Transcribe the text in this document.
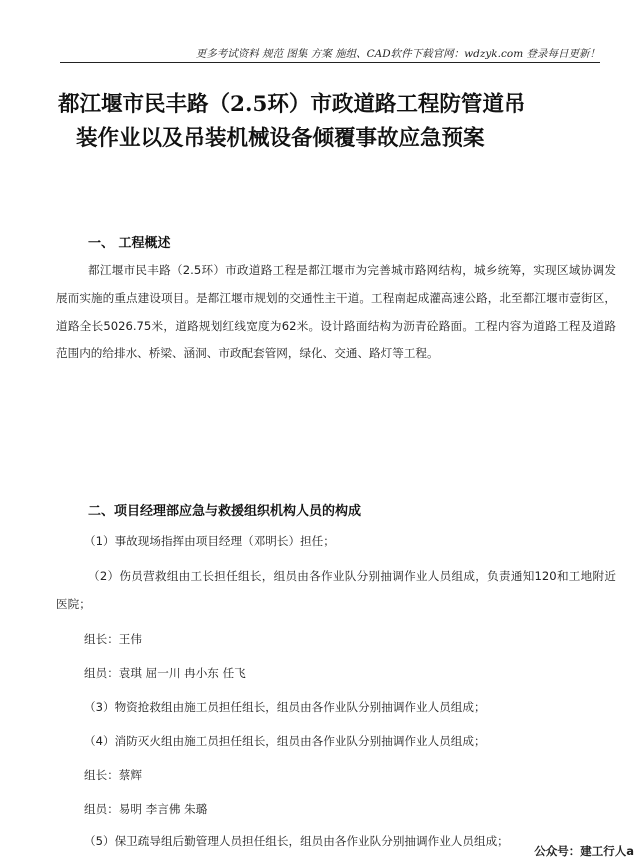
更多考试资料 规范 图集 方案 施组、CAD软件下载官网：wdzyk.com 登录每日更新！
都江堰市民丰路（2.5环）市政道路工程防管道吊
装作业以及吊装机械设备倾覆事故应急预案
一、 工程概述

都江堰市民丰路（2.5环）市政道路工程是都江堰市为完善城市路网结构，城乡统筹，实现区域协调发展而实施的重点建设项目。是都江堰市规划的交通性主干道。工程南起成灌高速公路，北至都江堰市壹街区，道路全长5026.75米，道路规划红线宽度为62米。设计路面结构为沥青砼路面。工程内容为道路工程及道路范围内的给排水、桥梁、涵洞、市政配套管网，绿化、交通、路灯等工程。

二、项目经理部应急与救援组织机构人员的构成

（1）事故现场指挥由项目经理（邓明长）担任；

（2）伤员营救组由工长担任组长，组员由各作业队分别抽调作业人员组成，负责通知120和工地附近医院；

组长：王伟

组员：袁琪 屈一川 冉小东 任飞

（3）物资抢救组由施工员担任组长，组员由各作业队分别抽调作业人员组成；

（4）消防灭火组由施工员担任组长，组员由各作业队分别抽调作业人员组成；

组长：蔡辉

组员：易明 李言佛 朱璐

（5）保卫疏导组后勤管理人员担任组长，组员由各作业队分别抽调作业人员组成；

公众号：建工行人a
